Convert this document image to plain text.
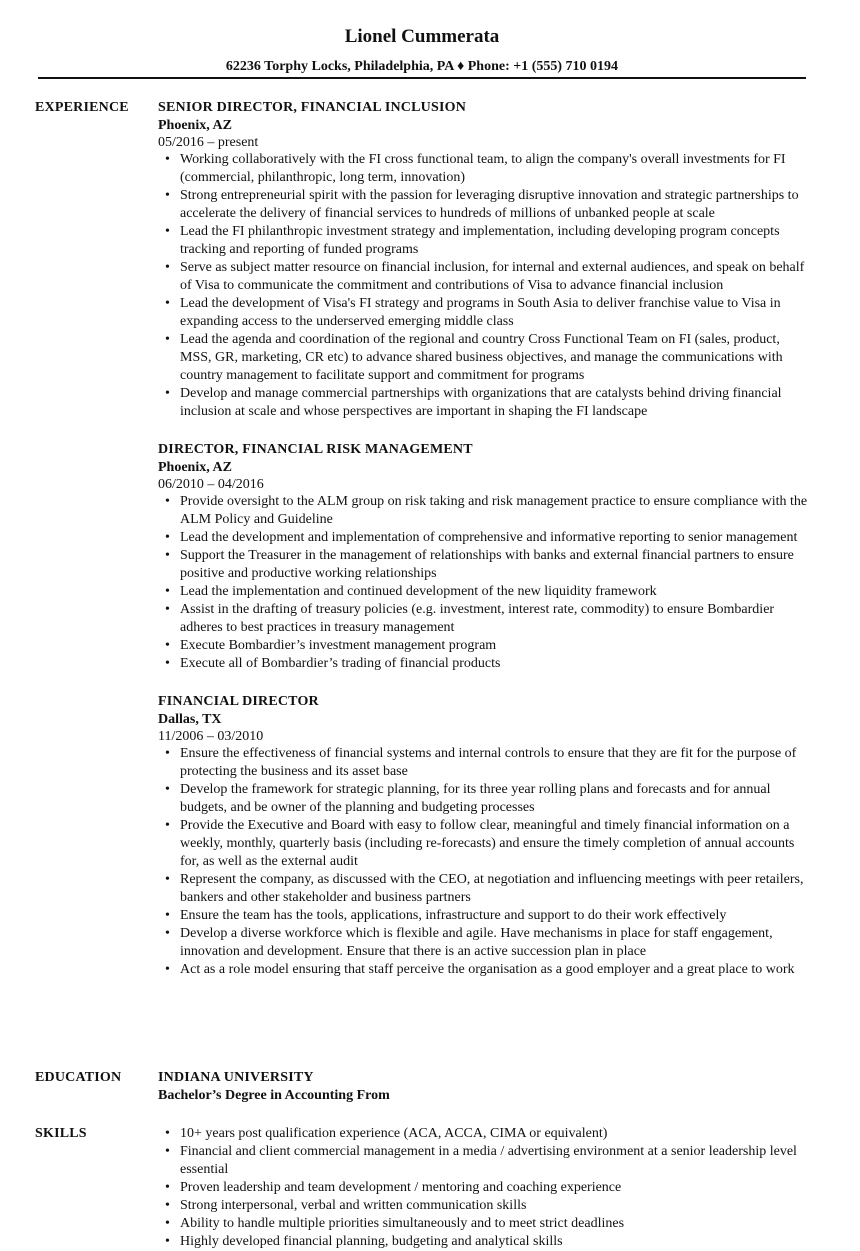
Lionel Cummerata
62236 Torphy Locks, Philadelphia, PA ♦ Phone: +1 (555) 710 0194
EXPERIENCE	SENIOR DIRECTOR, FINANCIAL INCLUSION
Phoenix, AZ
05/2016 – present
• Working collaboratively with the FI cross functional team, to align the company's overall investments for FI (commercial, philanthropic, long term, innovation)
• Strong entrepreneurial spirit with the passion for leveraging disruptive innovation and strategic partnerships to accelerate the delivery of financial services to hundreds of millions of unbanked people at scale
• Lead the FI philanthropic investment strategy and implementation, including developing program concepts tracking and reporting of funded programs
• Serve as subject matter resource on financial inclusion, for internal and external audiences, and speak on behalf of Visa to communicate the commitment and contributions of Visa to advance financial inclusion
• Lead the development of Visa's FI strategy and programs in South Asia to deliver franchise value to Visa in expanding access to the underserved emerging middle class
• Lead the agenda and coordination of the regional and country Cross Functional Team on FI (sales, product, MSS, GR, marketing, CR etc) to advance shared business objectives, and manage the communications with country management to facilitate support and commitment for programs
• Develop and manage commercial partnerships with organizations that are catalysts behind driving financial inclusion at scale and whose perspectives are important in shaping the FI landscape
DIRECTOR, FINANCIAL RISK MANAGEMENT
Phoenix, AZ
06/2010 – 04/2016
• Provide oversight to the ALM group on risk taking and risk management practice to ensure compliance with the ALM Policy and Guideline
• Lead the development and implementation of comprehensive and informative reporting to senior management
• Support the Treasurer in the management of relationships with banks and external financial partners to ensure positive and productive working relationships
• Lead the implementation and continued development of the new liquidity framework
• Assist in the drafting of treasury policies (e.g. investment, interest rate, commodity) to ensure Bombardier adheres to best practices in treasury management
• Execute Bombardier’s investment management program
• Execute all of Bombardier’s trading of financial products
FINANCIAL DIRECTOR
Dallas, TX
11/2006 – 03/2010
• Ensure the effectiveness of financial systems and internal controls to ensure that they are fit for the purpose of protecting the business and its asset base
• Develop the framework for strategic planning, for its three year rolling plans and forecasts and for annual budgets, and be owner of the planning and budgeting processes
• Provide the Executive and Board with easy to follow clear, meaningful and timely financial information on a weekly, monthly, quarterly basis (including re-forecasts) and ensure the timely completion of annual accounts for, as well as the external audit
• Represent the company, as discussed with the CEO, at negotiation and influencing meetings with peer retailers, bankers and other stakeholder and business partners
• Ensure the team has the tools, applications, infrastructure and support to do their work effectively
• Develop a diverse workforce which is flexible and agile. Have mechanisms in place for staff engagement, innovation and development. Ensure that there is an active succession plan in place
• Act as a role model ensuring that staff perceive the organisation as a good employer and a great place to work
EDUCATION	INDIANA UNIVERSITY
Bachelor’s Degree in Accounting From
SKILLS
•	10+ years post qualification experience (ACA, ACCA, CIMA or equivalent)
• Financial and client commercial management in a media / advertising environment at a senior leadership level essential
• Proven leadership and team development / mentoring and coaching experience
• Strong interpersonal, verbal and written communication skills
• Ability to handle multiple priorities simultaneously and to meet strict deadlines
• Highly developed financial planning, budgeting and analytical skills
